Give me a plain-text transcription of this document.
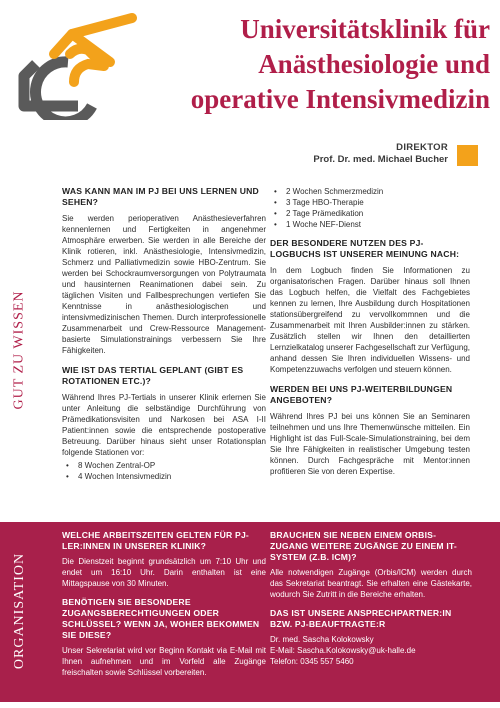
Universitätsklinik für
Anästhesiologie und
operative Intensivmedizin
DIREKTOR
Prof. Dr. med. Michael Bucher
GUT ZU WISSEN
WAS KANN MAN IM PJ BEI UNS LERNEN UND SEHEN?

Sie werden perioperativen Anästhesieverfahren kennenlernen und Fertigkeiten in angenehmer Atmosphäre erwerben. Sie werden in alle Bereiche der Klinik rotieren, inkl. Anästhesiologie, Intensivmedizin, Schmerz und Palliativmedizin sowie HBO-Zentrum. Sie werden bei Schockraumversorgungen von Polytraumata und hausinternen Reanimationen dabei sein. Zu täglichen Visiten und Fallbesprechungen vertiefen Sie Kenntnisse in anästhesiologischen und intensivmedizinischen Themen. Durch interprofessionelle Zusammenarbeit und Crew-Ressource Management-basierte Simulationstrainings verbessern Sie Ihre Fähigkeiten.

WIE IST DAS TERTIAL GEPLANT (GIBT ES ROTATIONEN ETC.)?

Während Ihres PJ-Tertials in unserer Klinik erlernen Sie unter Anleitung die selbständige Durchführung von Prämedikationsvisiten und Narkosen bei ASA I-II Patient:innen sowie die entsprechende postoperative Betreuung. Darüber hinaus sieht unser Rotationsplan folgende Stationen vor:

• 8 Wochen Zentral-OP
• 4 Wochen Intensivmedizin
• 2 Wochen Schmerzmedizin
• 3 Tage HBO-Therapie
• 2 Tage Prämedikation
• 1 Woche NEF-Dienst
DER BESONDERE NUTZEN DES PJ-LOGBUCHS IST UNSERER MEINUNG NACH:

In dem Logbuch finden Sie Informationen zu organisatorischen Fragen. Darüber hinaus soll Ihnen das Logbuch helfen, die Vielfalt des Fachgebietes kennen zu lernen, Ihre Ausbildung durch Hospitationen stationsübergreifend zu vervollkommnen und die Zusammenarbeit mit Ihren Ausbilder:innen zu stärken. Zusätzlich stellen wir Ihnen den detaillierten Lernzielkatalog unserer Fachgesellschaft zur Verfügung, anhand dessen Sie Ihren individuellen Wissens- und Kompetenzzuwachs verfolgen und steuern können.

WERDEN BEI UNS PJ-WEITERBILDUNGEN ANGEBOTEN?

Während Ihres PJ bei uns können Sie an Seminaren teilnehmen und uns Ihre Themenwünsche mitteilen. Ein Highlight ist das Full-Scale-Simulationstraining, bei dem Sie Ihre Fähigkeiten in realistischer Umgebung testen können. Durch Fachgespräche mit Mentor:innen profitieren Sie von deren Expertise.

ORGANISATION
WELCHE ARBEITSZEITEN GELTEN FÜR PJ-LER:INNEN IN UNSERER KLINIK?

Die Dienstzeit beginnt grundsätzlich um 7:10 Uhr und endet um 16:10 Uhr. Darin enthalten ist eine Mittagspause von 30 Minuten.

BENÖTIGEN SIE BESONDERE ZUGANGSBERECHTIGUNGEN ODER SCHLÜSSEL? WENN JA, WOHER BEKOMMEN SIE DIESE?

Unser Sekretariat wird vor Beginn Kontakt via E-Mail mit Ihnen aufnehmen und im Vorfeld alle Zugänge freischalten sowie Schlüssel vorbereiten.

BRAUCHEN SIE NEBEN EINEM ORBIS-ZUGANG WEITERE ZUGÄNGE ZU EINEM IT-SYSTEM (Z.B. ICM)?

Alle notwendigen Zugänge (Orbis/ICM) werden durch das Sekretariat beantragt. Sie erhalten eine Gästekarte, wodurch Sie Zutritt in die Bereiche erhalten.

DAS IST UNSERE ANSPRECHPARTNER:IN BZW. PJ-BEAUFTRAGTE:R
Dr. med. Sascha Kolokowsky
E-Mail: Sascha.Kolokowsky@uk-halle.de
Telefon: 0345 557 5460
